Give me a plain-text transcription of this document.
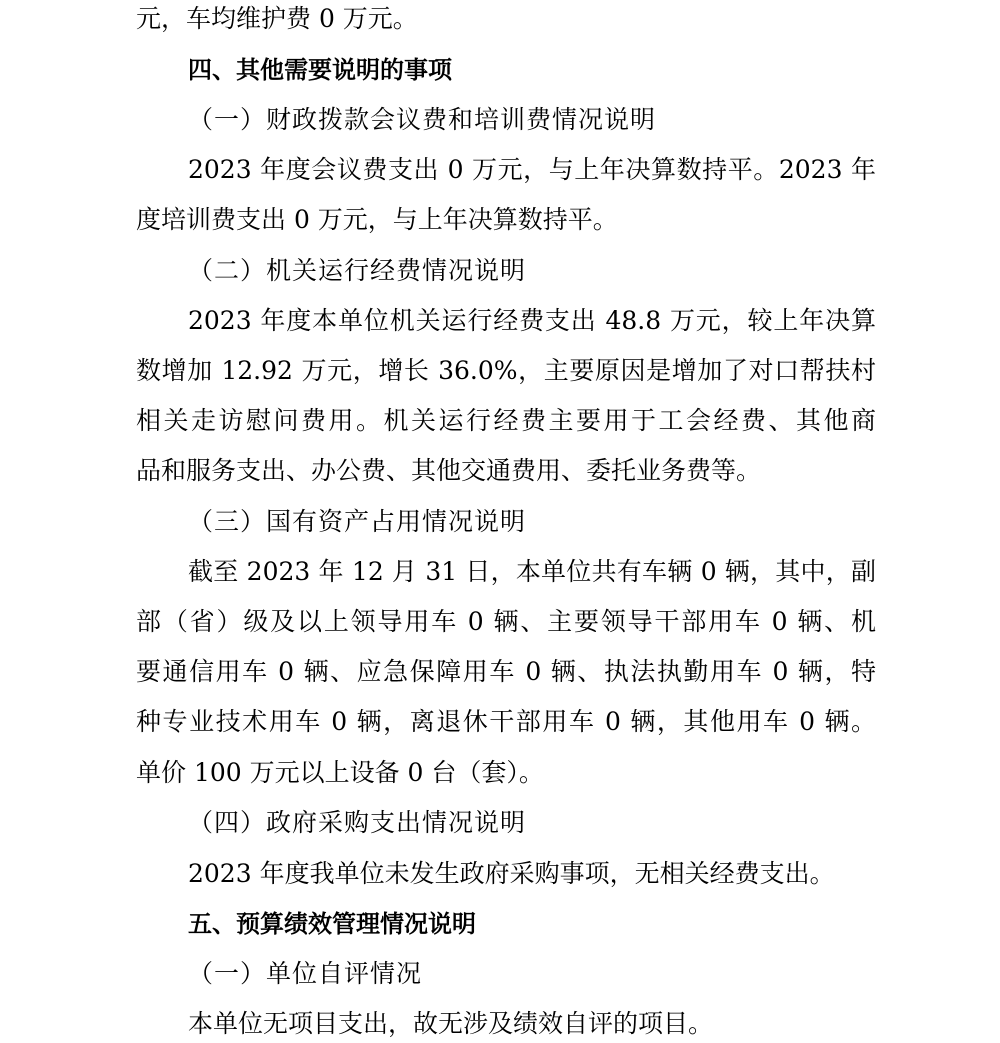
元，车均维护费 0 万元。
四、其他需要说明的事项
（一）财政拨款会议费和培训费情况说明
2023 年度会议费支出 0 万元，与上年决算数持平。2023 年
度培训费支出 0 万元，与上年决算数持平。
（二）机关运行经费情况说明
2023 年度本单位机关运行经费支出 48.8 万元，较上年决算
数增加 12.92 万元，增长 36.0%，主要原因是增加了对口帮扶村
相关走访慰问费用。机关运行经费主要用于工会经费、其他商
品和服务支出、办公费、其他交通费用、委托业务费等。
（三）国有资产占用情况说明
截至 2023 年 12 月 31 日，本单位共有车辆 0 辆，其中，副
部（省）级及以上领导用车 0 辆、主要领导干部用车 0 辆、机
要通信用车 0 辆、应急保障用车 0 辆、执法执勤用车 0 辆，特
种专业技术用车 0 辆，离退休干部用车 0 辆，其他用车 0 辆。
单价 100 万元以上设备 0 台（套）。
（四）政府采购支出情况说明
2023 年度我单位未发生政府采购事项，无相关经费支出。
五、预算绩效管理情况说明
（一）单位自评情况
本单位无项目支出，故无涉及绩效自评的项目。
